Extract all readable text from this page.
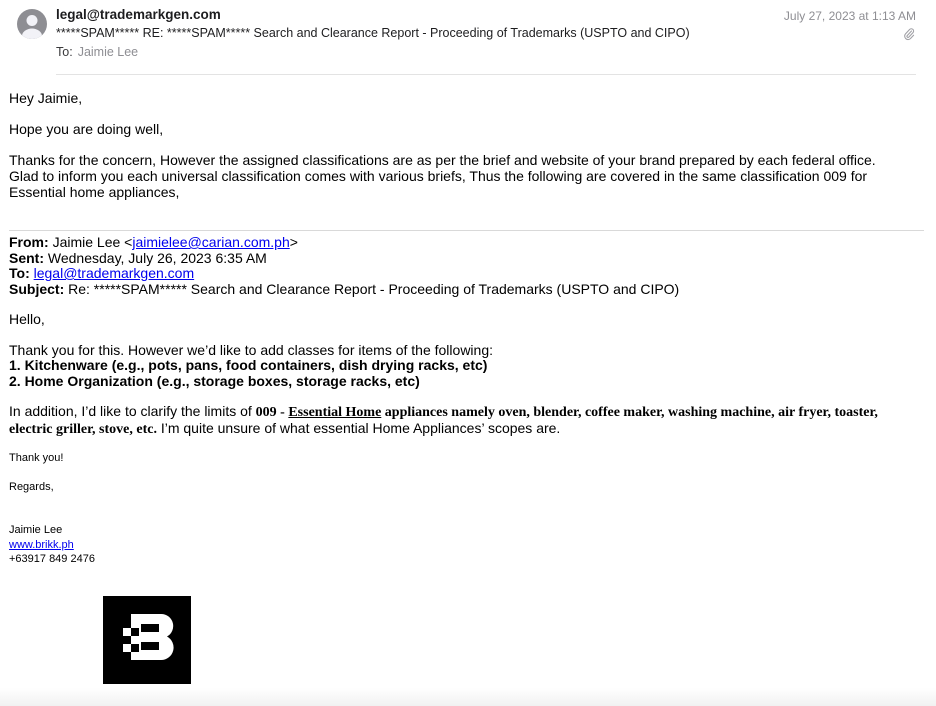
legal@trademarkgen.com	July 27, 2023 at 1:13 AM
*****SPAM***** RE: *****SPAM***** Search and Clearance Report - Proceeding of Trademarks (USPTO and CIPO)
To: Jaimie Lee

Hey Jaimie,

Hope you are doing well,

Thanks for the concern, However the assigned classifications are as per the brief and website of your brand prepared by each federal office.
Glad to inform you each universal classification comes with various briefs, Thus the following are covered in the same classification 009 for Essential home appliances,

From: Jaimie Lee <jaimielee@carian.com.ph>
Sent: Wednesday, July 26, 2023 6:35 AM
To: legal@trademarkgen.com
Subject: Re: *****SPAM***** Search and Clearance Report - Proceeding of Trademarks (USPTO and CIPO)
Hello,
Thank you for this. However we’d like to add classes for items of the following:
1. Kitchenware (e.g., pots, pans, food containers, dish drying racks, etc)
2. Home Organization (e.g., storage boxes, storage racks, etc)
In addition, I’d like to clarify the limits of 009 - Essential Home appliances namely oven, blender, coffee maker, washing machine, air fryer, toaster, electric griller, stove, etc. I’m quite unsure of what essential Home Appliances’ scopes are.
Thank you!
Regards,
Jaimie Lee
www.brikk.ph
+63917 849 2476
